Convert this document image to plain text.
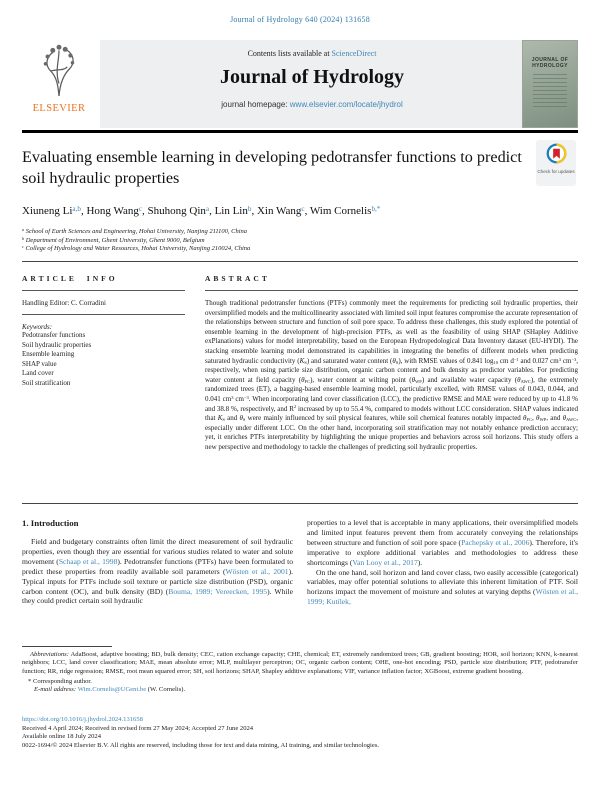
Journal of Hydrology 640 (2024) 131658
ELSEVIER
Contents lists available at ScienceDirect
Journal of Hydrology
journal homepage: www.elsevier.com/locate/jhydrol
JOURNAL OF HYDROLOGY
Evaluating ensemble learning in developing pedotransfer functions to predict soil hydraulic properties	Check for updates
Xiuneng Li$^{a,b}$, Hong Wang$^c$, Shuhong Qin$^a$, Lin Lin$^b$, Xin Wang$^c$, Wim Cornelis$^{b,*}$
$^a$ School of Earth Sciences and Engineering, Hohai University, Nanjing 211100, China
$^b$ Department of Environment, Ghent University, Ghent 9000, Belgium
$^c$ College of Hydrology and Water Resources, Hohai University, Nanjing 210024, China
ARTICLE INFO
Handling Editor: C. Corradini
Keywords:
Pedotransfer functions
Soil hydraulic properties
Ensemble learning
SHAP value
Land cover
Soil stratification
ABSTRACT
Though traditional pedotransfer functions (PTFs) commonly meet the requirements for predicting soil hydraulic properties, their oversimplified models and the multicollinearity associated with limited soil input features compromise the accurate representation of the relationships between structure and function of soil pore space. To address these challenges, this study explored the potential of ensemble learning in the development of high-precision PTFs, as well as the feasibility of using SHAP (SHapley Additive exPlanations) values for model interpretability, based on the European Hydropedological Data Inventory dataset (EU-HYDI). The stacking ensemble learning model demonstrated its capabilities in integrating the benefits of different models when predicting saturated hydraulic conductivity (KS) and saturated water content (θS), with RMSE values of 0.841 log10 cm $d^{-1}$ and 0.027 $cm^3$ $cm^{-3}$, respectively, when using particle size distribution, organic carbon content and bulk density as predictor variables. For predicting water content at field capacity (θFC), water content at wilting point (θWP) and available water capacity (θAWC), the extremely randomized trees (ET), a bagging-based ensemble learning model, particularly excelled, with RMSE values of 0.043, 0.044, and 0.041 $cm^3$ $cm^{-3}$. When incorporating land cover classification (LCC), the predictive RMSE and MAE were reduced by up to 41.8 % and 38.8 %, respectively, and $R^2$ increased by up to 55.4 %, compared to models without LCC consideration. SHAP values indicated that KS and θS were mainly influenced by soil physical features, while soil chemical features notably impacted θFC, θWP, and θAWC, especially under different LCC. On the other hand, incorporating soil stratification may not notably enhance prediction accuracy; yet, it enriches PTFs interpretability by highlighting the unique properties and behaviors across soil horizons. This study offers a new perspective and methodology to tackle the challenges of predicting soil hydraulic properties.
1. Introduction

Field and budgetary constraints often limit the direct measurement of soil hydraulic properties, even though they are essential for various studies related to water and solute movement (Schaap et al., 1998). Pedotransfer functions (PTFs) have been formulated to predict these properties from readily available soil parameters (Wösten et al., 2001). Typical inputs for PTFs include soil texture or particle size distribution (PSD), organic carbon content (OC), and bulk density (BD) (Bouma, 1989; Vereecken, 1995). While they could predict certain soil hydraulic

properties to a level that is acceptable in many applications, their oversimplified models and limited input features prevent them from accurately conveying the relationships between structure and function of soil pore space (Pachepsky et al., 2006). Therefore, it's imperative to explore additional variables and methodologies to address these shortcomings (Van Looy et al., 2017).

On the one hand, soil horizon and land cover class, two easily accessible (categorical) variables, may offer potential solutions to alleviate this inherent limitation of PTF. Soil horizons impact the movement of moisture and solutes at varying depths (Wösten et al., 1999; Kutílek,

Abbreviations: AdaBoost, adaptive boosting; BD, bulk density; CEC, cation exchange capacity; CHE, chemical; ET, extremely randomized trees; GB, gradient boosting; HOR, soil horizon; KNN, k-nearest neighbors; LCC, land cover classification; MAE, mean absolute error; MLP, multilayer perceptron; OC, organic carbon content; OHE, one-hot encoding; PSD, particle size distribution; PTF, pedotransfer function; RR, ridge regression; RMSE, root mean squared error; SH, soil horizons; SHAP, Shapley additive explanations; VIF, variance inflation factor; XGBoost, extreme gradient boosting.

* Corresponding author.

E-mail address: Wim.Cornelis@UGent.be (W. Cornelis).

https://doi.org/10.1016/j.jhydrol.2024.131658
Received 4 April 2024; Received in revised form 27 May 2024; Accepted 27 June 2024
Available online 18 July 2024
0022-1694/© 2024 Elsevier B.V. All rights are reserved, including those for text and data mining, AI training, and similar technologies.
